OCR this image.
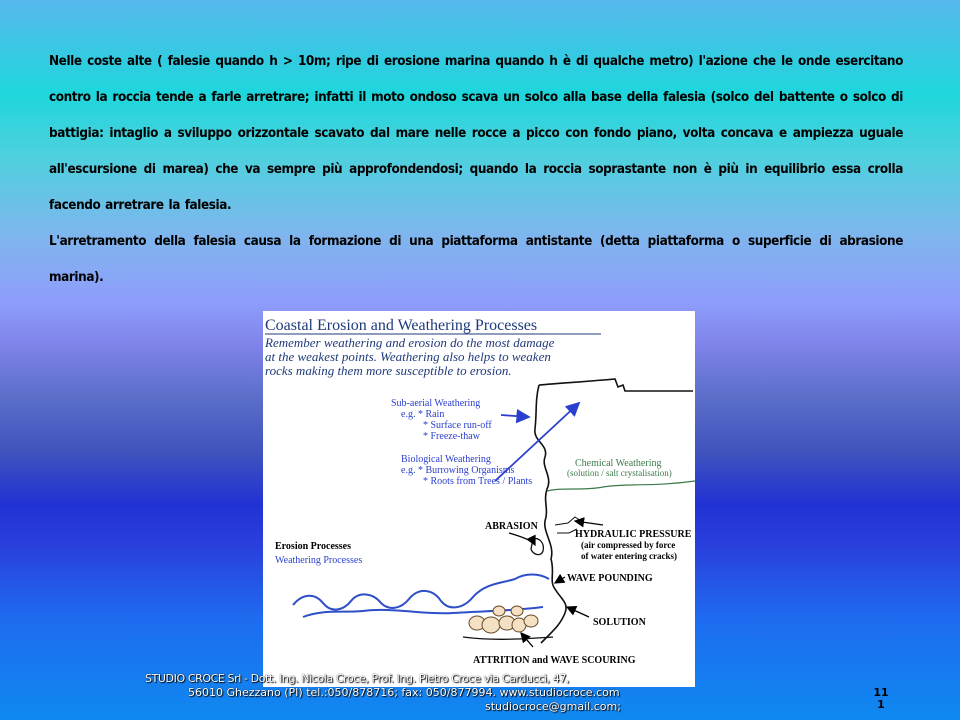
Nelle coste alte ( falesie quando h > 10m; ripe di erosione marina quando h è di qualche metro) l'azione che le onde esercitano contro la roccia tende a farle arretrare; infatti il moto ondoso scava un solco alla base della falesia (solco del battente o solco di battigia: intaglio a sviluppo orizzontale scavato dal mare nelle rocce a picco con fondo piano, volta concava e ampiezza uguale all'escursione di marea) che va sempre più approfondendosi; quando la roccia soprastante non è più in equilibrio essa crolla facendo arretrare la falesia.

L'arretramento della falesia causa la formazione di una piattaforma antistante (detta piattaforma o superficie di abrasione marina).

Coastal Erosion and Weathering Processes
Remember weathering and erosion do the most damage
at the weakest points. Weathering also helps to weaken
rocks making them more susceptible to erosion.
Sub-aerial Weathering
e.g. * Rain
* Surface run-off
* Freeze-thaw
Biological Weathering
e.g. * Burrowing Organisms
* Roots from Trees / Plants
Chemical Weathering
(solution / salt crystalisation)
ABRASION
HYDRAULIC PRESSURE
(air compressed by force
of water entering cracks)
Erosion Processes
Weathering Processes
WAVE POUNDING
SOLUTION
ATTRITION and WAVE SCOURING
STUDIO CROCE Srl - Dott. Ing. Nicola Croce, Prof. Ing. Pietro Croce via Carducci, 47,
56010 Ghezzano (PI) tel.:050/878716; fax: 050/877994. www.studiocroce.com
studiocroce@gmail.com;
11
1
